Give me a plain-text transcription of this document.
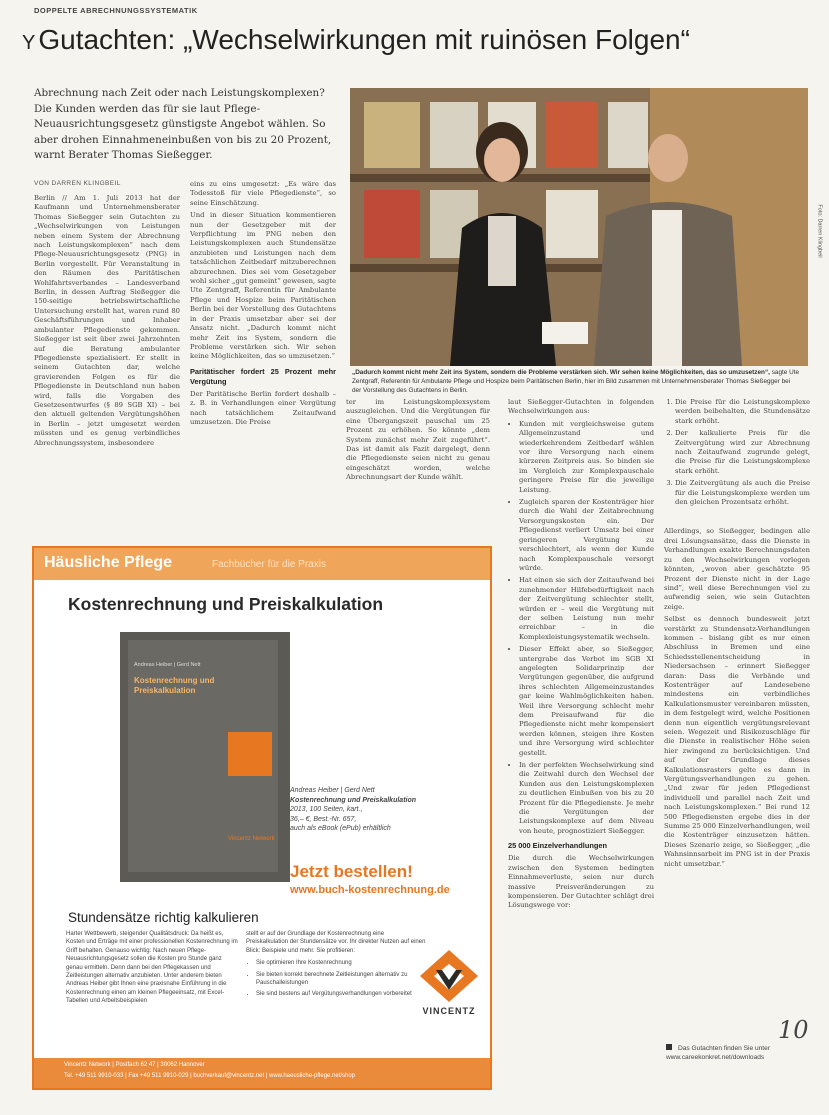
DOPPELTE ABRECHNUNGSSYSTEMATIK
Y Gutachten: „Wechselwirkungen mit ruinösen Folgen“
Abrechnung nach Zeit oder nach Leistungskomplexen? Die Kunden werden das für sie laut Pflege-Neuausrichtungsgesetz günstigste Angebot wählen. So aber drohen Einnahmeneinbußen von bis zu 20 Prozent, warnt Berater Thomas Sießegger.
VON DARREN KLINGBEIL

Berlin // Am 1. Juli 2013 hat der Kaufmann und Unternehmensberater Thomas Sießegger sein Gutachten zu „Wechselwirkungen von Leistungen neben einem System der Abrechnung nach Leistungskomplexen“ nach dem Pflege-Neuausrichtungsgesetz (PNG) in Berlin vorgestellt. Für Veranstaltung in den Räumen des Paritätischen Wohlfahrtsverbandes – Landesverband Berlin, in dessen Auftrag Sießegger die 150-seitige betriebswirtschaftliche Untersuchung erstellt hat, waren rund 80 Geschäftsführungen und Inhaber ambulanter Pflegedienste gekommen. Sießegger ist seit über zwei Jahrzehnten auf die Beratung ambulanter Pflegedienste spezialisiert. Er stellt in seinem Gutachten dar, welche gravierenden Folgen es für die Pflegedienste in Deutschland nun haben wird, falls die Vorgaben des Gesetzesentwurfes (§ 89 SGB XI) – bei den aktuell geltenden Vergütungshöhen in Berlin – jetzt umgesetzt werden müssten und es genug verbindliches Abrechnungssystem, insbesondere

eins zu eins umgesetzt: „Es wäre das Todesstoß für viele Pflegedienste“, so seine Einschätzung.

Und in dieser Situation kommentieren nun der Gesetzgeber mit der Verpflichtung im PNG neben den Leistungskomplexen auch Stundensätze anzubieten und Leistungen nach dem tatsächlichen Zeitbedarf mitzuberechnen abzurechnen. Dies sei vom Gesetzgeber wohl sicher „gut gemeint“ gewesen, sagte Ute Zentgraff, Referentin für Ambulante Pflege und Hospize beim Paritätischen Berlin bei der Vorstellung des Gutachtens in der Praxis umsetzbar aber sei der Ansatz nicht. „Dadurch kommt nicht mehr Zeit ins System, sondern die Probleme verstärken sich. Wir sehen keine Möglichkeiten, das so umzusetzen.“

Paritätischer fordert 25 Prozent mehr Vergütung

Der Paritätische Berlin fordert deshalb – z. B. in Verhandlungen einer Vergütung nach tatsächlichem Zeitaufwand umzusetzen. Die Preise

Foto: Darren Klingbeil
„Dadurch kommt nicht mehr Zeit ins System, sondern die Probleme verstärken sich. Wir sehen keine Möglichkeiten, das so umzusetzen“, sagte Ute Zentgraff, Referentin für Ambulante Pflege und Hospize beim Paritätischen Berlin, hier im Bild zusammen mit Unternehmensberater Thomas Sießegger bei der Vorstellung des Gutachtens in Berlin.

ter im Leistungskomplexsystem auszugleichen. Und die Vergütungen für eine Übergangszeit pauschal um 25 Prozent zu erhöhen. So könnte „dem System zunächst mehr Zeit zugeführt“. Das ist damit als Fazit dargelegt, denn die Pflegedienste seien nicht zu genau eingeschätzt worden, welche Abrechnungsart der Kunde wählt.

laut Sießegger-Gutachten in folgenden Wechselwirkungen aus:

• Kunden mit vergleichsweise gutem Allgemeinzustand und wiederkehrendem Zeitbedarf wählen vor ihre Versorgung nach einem kürzeren Zeitpreis aus. So binden sie im Vergleich zur Komplexpauschale geringere Preise für die jeweilige Leistung.
• Zugleich sparen der Kostenträger hier durch die Wahl der Zeitabrechnung Versorgungskosten ein. Der Pflegedienst verliert Umsatz bei einer geringeren Vergütung zu verschlechtert, als wenn der Kunde nach Komplexpauschale versorgt würde.
• Hat einen sie sich der Zeitaufwand bei zunehmender Hilfebedürftigkeit nach der Zeitvergütung schlechter stellt, würden er – weil die Vergütung mit der selben Leistung nun mehr erreichbar – in die Komplexleistungsystematik wechseln.
• Dieser Effekt aber, so Sießegger, untergrabe das Verbot im SGB XI angelegten Solidarprinzip der Vergütungen gegenüber, die aufgrund ihres schlechten Allgemeinzustandes gar keine Wahlmöglichkeiten haben. Weil ihre Versorgung schlecht mehr dem Preisaufwand für die Pflegedienste nicht mehr kompensiert werden können, steigen ihre Kosten und ihre Versorgung wird schlechter gestellt.
• In der perfekten Wechselwirkung sind die Zeitwahl durch den Wechsel der Kunden aus den Leistungskomplexen zu deutlichen Einbußen von bis zu 20 Prozent für die Pflegedienste. Je mehr die Vergütungen der Leistungskomplexe auf dem Niveau von heute, prognostiziert Sießegger.
25 000 Einzelverhandlungen

Die durch die Wechselwirkungen zwischen den Systemen bedingten Einnahmeverluste, seien nur durch massive Preisveränderungen zu kompensieren. Der Gutachter schlägt drei Lösungswege vor:

1. Die Preise für die Leistungskomplexe werden beibehalten, die Stundensätze stark erhöht.
2. Der kalkulierte Preis für die Zeitvergütung wird zur Abrechnung nach Zeitaufwand zugrunde gelegt, die Preise für die Leistungskomplexe stark erhöht.
3. Die Zeitvergütung als auch die Preise für die Leistungskomplexe werden um den gleichen Prozentsatz erhöht.

Allerdings, so Sießegger, bedingen alle drei Lösungsansätze, dass die Dienste in Verhandlungen exakte Berechnungsdaten zu den Wechselwirkungen vorlegen könnten, „wovon aber geschätzte 95 Prozent der Dienste nicht in der Lage sind“, weil diese Berechnungen viel zu aufwendig seien, wie sein Gutachten zeige.

Selbst es dennoch bundesweit jetzt verstärkt zu Stundensatz-Verhandlungen kommen – bislang gibt es nur einen Abschluss in Bremen und eine Schiedsstellenentscheidung in Niedersachsen – erinnert Sießegger daran: Dass die Verbände und Kostenträger auf Landesebene mindestens ein verbindliches Kalkulationsmuster vereinbaren müssten, in dem festgelegt wird, welche Positionen denn nun eigentlich vergütungsrelevant seien. Wegezeit und Risikozuschläge für die Dienste in realistischer Höhe seien hier zwingend zu berücksichtigen. Und auf der Grundlage dieses Kalkulationsrasters gelte es dann in Vergütungsverhandlungen zu gehen. „Und zwar für jeden Pflegedienst individuell und parallel nach Zeit und nach Leistungskomplexen.“ Bei rund 12 500 Pflegediensten ergebe dies in der Summe 25 000 Einzelverhandlungen, weil die Kostenträger einzusetzen hätten. Dieses Szenario zeige, so Sießegger, „die Wahnsinnsarbeit im PNG ist in der Praxis nicht umsetzbar.“

10
Das Gutachten finden Sie unter www.careekonkret.net/downloads
Häusliche Pflege	Fachbücher für die Praxis
Kostenrechnung und Preiskalkulation
Andreas Heiber | Gerd Nett
Kostenrechnung und Preiskalkulation
Vincentz Network
Andreas Heiber | Gerd Nett
Kostenrechnung und Preiskalkulation
2013, 100 Seiten, kart.,
36,– €, Best.-Nr. 657,
auch als eBook (ePub) erhältlich
Jetzt bestellen!
www.buch-kostenrechnung.de
Stundensätze richtig kalkulieren
Harter Wettbewerb, steigender Qualitätsdruck: Da heißt es, Kosten und Erträge mit einer professionellen Kostenrechnung im Griff behalten. Genauso wichtig: Nach neuen Pflege-Neuausrichtungsgesetz sollen die Kosten pro Stunde ganz genau ermitteln. Denn dann bei den Pflegekassen und Zeitleistungen alternativ anzubieten. Unter anderem bieten Andreas Heiber gibt Ihnen eine praxisnahe Einführung in die Kostenrechnung einen am kleinen Pflegeeinsatz, mit Excel-Tabellen und Arbeitsbeispielen
stellt er auf der Grundlage der Kostenrechnung eine Preiskalkulation der Stundensätze vor. Ihr direkter Nutzen auf einen Blick: Beispiele und mehr. Sie profitieren:
• Sie optimieren Ihre Kostenrechnung
• Sie bieten korrekt berechnete Zeitleistungen alternativ zu Pauschalleistungen
• Sie sind bestens auf Vergütungsverhandlungen vorbereitet
VINCENTZ
Vincentz Network | Postfach 62 47 | 30062 Hannover
Tel. +49 511 9910-033 | Fax +49 511 9910-029 | buchverkauf@vincentz.net | www.haeusliche-pflege.net/shop
